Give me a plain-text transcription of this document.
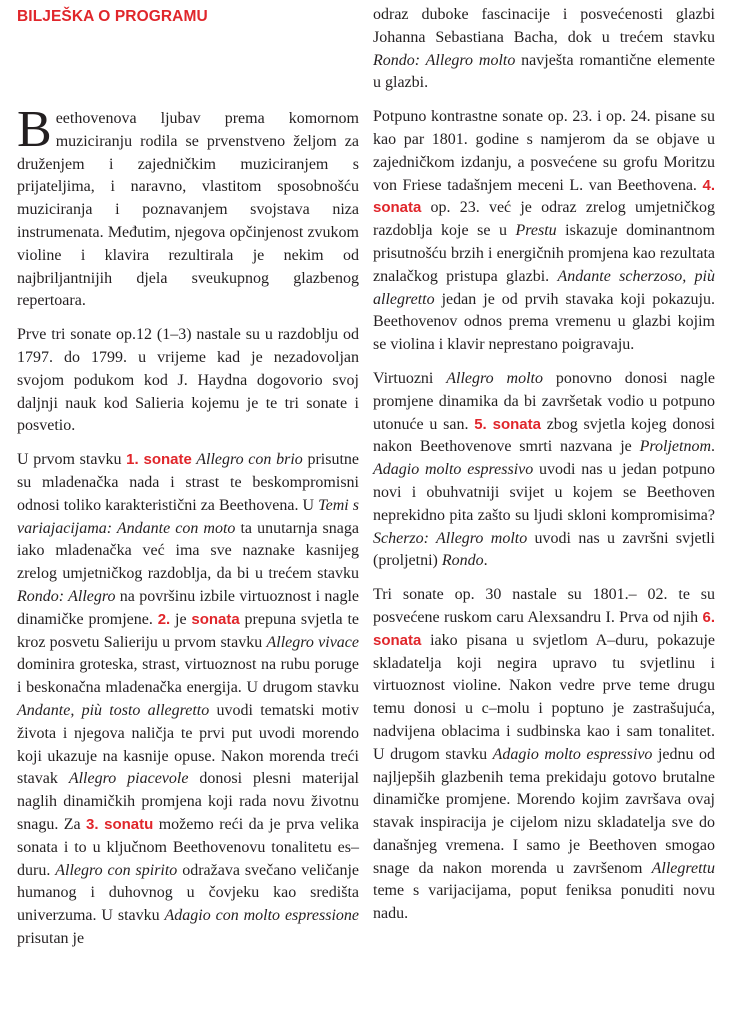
BILJEŠKA O PROGRAMU

Beethovenova ljubav prema komornom muziciranju rodila se prvenstveno željom za druženjem i zajedničkim muziciranjem s prijateljima, i naravno, vlastitom sposobnošću muziciranja i poznavanjem svojstava niza instrumenata. Međutim, njegova opčinjenost zvukom violine i klavira rezultirala je nekim od najbriljantnijih djela sveukupnog glazbenog repertoara.

Prve tri sonate op.12 (1–3) nastale su u razdoblju od 1797. do 1799. u vrijeme kad je nezadovoljan svojom podukom kod J. Haydna dogovorio svoj daljnji nauk kod Salieria kojemu je te tri sonate i posvetio.

U prvom stavku 1. sonate Allegro con brio prisutne su mladenačka nada i strast te beskompromisni odnosi toliko karakteristični za Beethovena. U Temi s variajacijama: Andante con moto ta unutarnja snaga iako mladenačka već ima sve naznake kasnijeg zrelog umjetničkog razdoblja, da bi u trećem stavku Rondo: Allegro na površinu izbile virtuoznost i nagle dinamičke promjene. 2. je sonata prepuna svjetla te kroz posvetu Salieriju u prvom stavku Allegro vivace dominira groteska, strast, virtuoznost na rubu poruge i beskonačna mladenačka energija. U drugom stavku Andante, più tosto allegretto uvodi tematski motiv života i njegova naličja te prvi put uvodi morendo koji ukazuje na kasnije opuse. Nakon morenda treći stavak Allegro piacevole donosi plesni materijal naglih dinamičkih promjena koji rada novu životnu snagu. Za 3. sonatu možemo reći da je prva velika sonata i to u ključnom Beethovenovu tonalitetu es–duru. Allegro con spirito odražava svečano veličanje humanog i duhovnog u čovjeku kao središta univerzuma. U stavku Adagio con molto espressione prisutan je

odraz duboke fascinacije i posvećenosti glazbi Johanna Sebastiana Bacha, dok u trećem stavku Rondo: Allegro molto navješta romantične elemente u glazbi.

Potpuno kontrastne sonate op. 23. i op. 24. pisane su kao par 1801. godine s namjerom da se objave u zajedničkom izdanju, a posvećene su grofu Moritzu von Friese tadašnjem meceni L. van Beethovena. 4. sonata op. 23. već je odraz zrelog umjetničkog razdoblja koje se u Prestu iskazuje dominantnom prisutnošću brzih i energičnih promjena kao rezultata znalačkog pristupa glazbi. Andante scherzoso, più allegretto jedan je od prvih stavaka koji pokazuju. Beethovenov odnos prema vremenu u glazbi kojim se violina i klavir neprestano poigravaju.

Virtuozni Allegro molto ponovno donosi nagle promjene dinamika da bi završetak vodio u potpuno utonuće u san. 5. sonata zbog svjetla kojeg donosi nakon Beethovenove smrti nazvana je Proljetnom. Adagio molto espressivo uvodi nas u jedan potpuno novi i obuhvatniji svijet u kojem se Beethoven neprekidno pita zašto su ljudi skloni kompromisima? Scherzo: Allegro molto uvodi nas u završni svjetli (proljetni) Rondo.

Tri sonate op. 30 nastale su 1801.– 02. te su posvećene ruskom caru Alexsandru I. Prva od njih 6. sonata iako pisana u svjetlom A–duru, pokazuje skladatelja koji negira upravo tu svjetlinu i virtuoznost violine. Nakon vedre prve teme drugu temu donosi u c–molu i poptuno je zastrašujuća, nadvijena oblacima i sudbinska kao i sam tonalitet. U drugom stavku Adagio molto espressivo jednu od najljepših glazbenih tema prekidaju gotovo brutalne dinamičke promjene. Morendo kojim završava ovaj stavak inspiracija je cijelom nizu skladatelja sve do današnjeg vremena. I samo je Beethoven smogao snage da nakon morenda u završenom Allegrettu teme s varijacijama, poput feniksa ponuditi novu nadu.
